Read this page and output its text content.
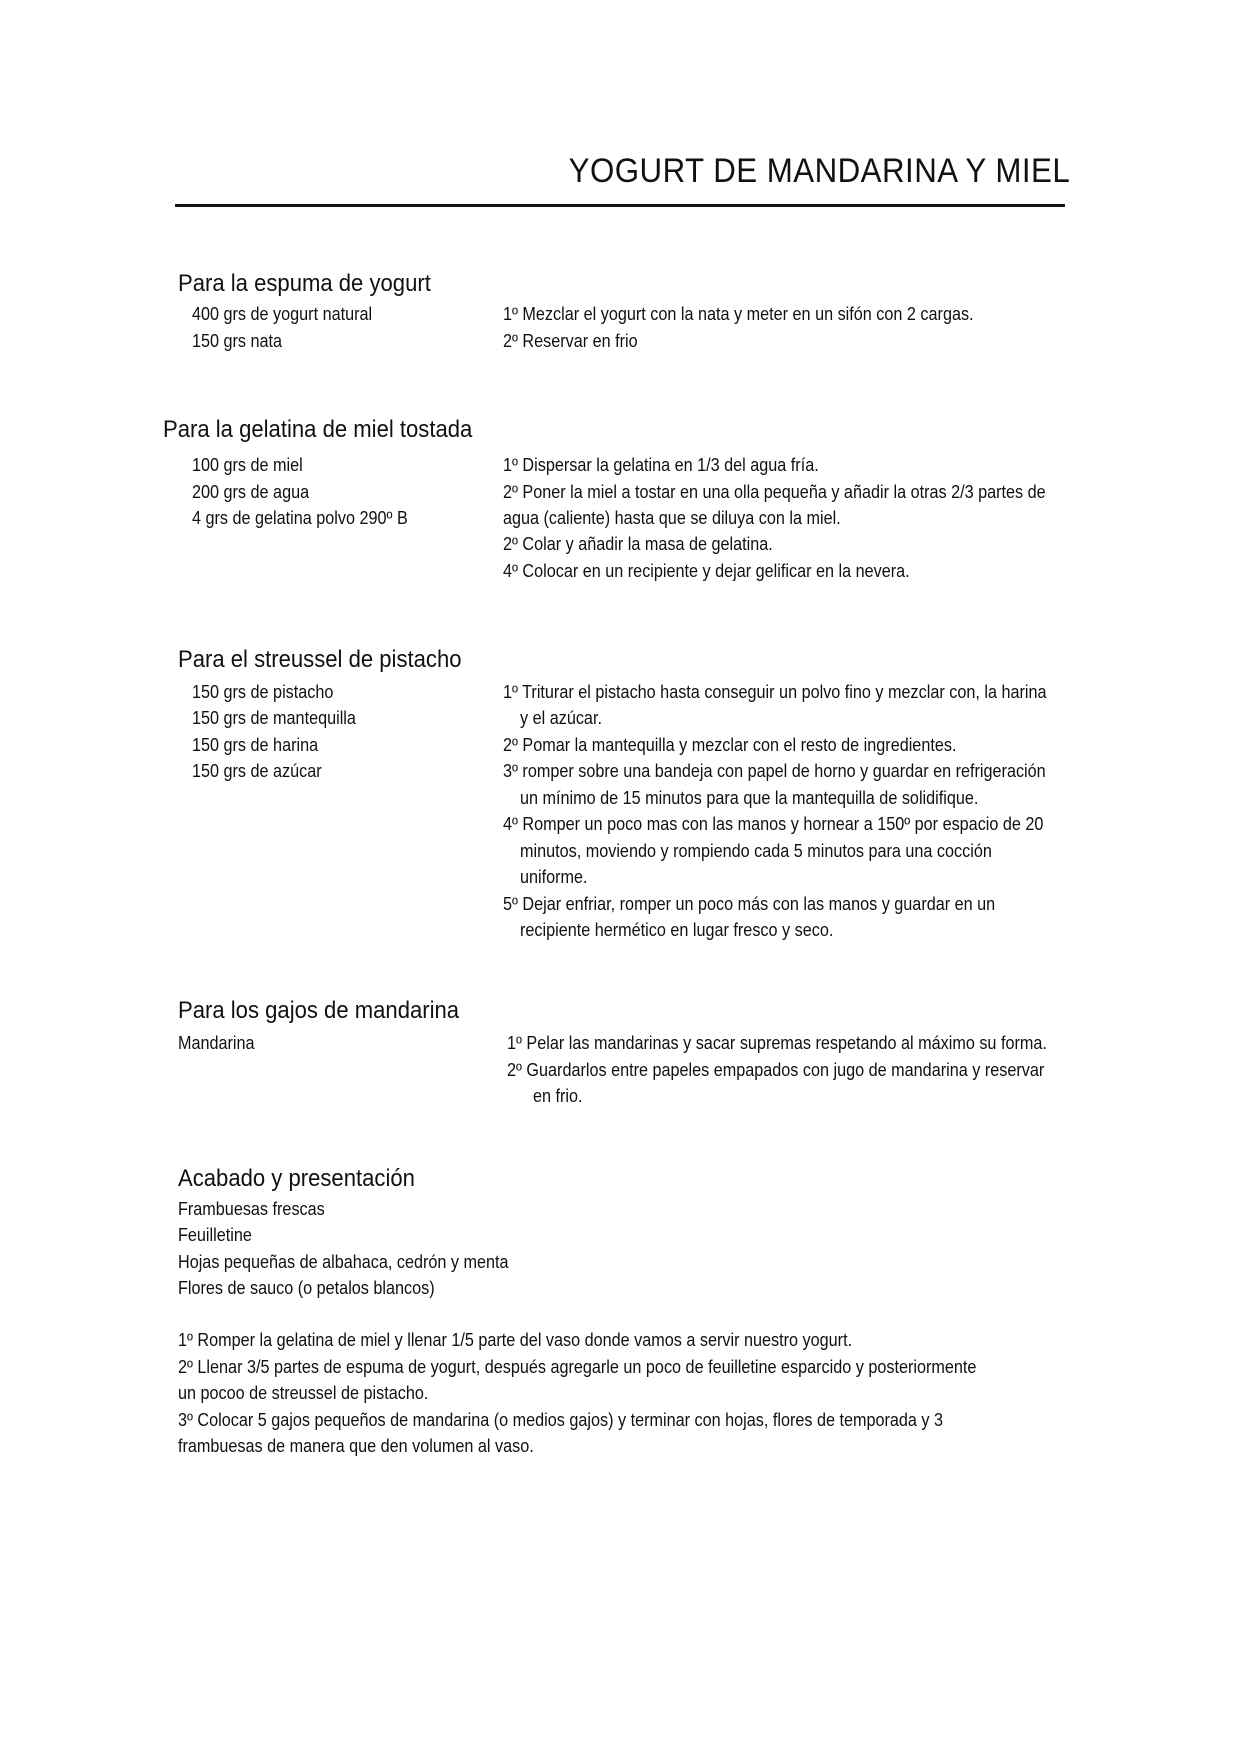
YOGURT DE MANDARINA Y MIEL
Para la espuma de yogurt
400 grs de yogurt natural
150 grs nata
1º Mezclar el yogurt con la nata y meter en un sifón con 2 cargas.
2º Reservar en frio
Para la gelatina de miel tostada
100 grs de miel
200 grs de agua
4 grs de gelatina polvo 290º B
1º Dispersar la gelatina en 1/3 del agua fría.
2º Poner la miel a tostar en una olla pequeña y añadir la otras 2/3 partes de
agua (caliente) hasta que se diluya con la miel.
2º Colar y añadir la masa de gelatina.
4º Colocar en un recipiente y dejar gelificar en la nevera.
Para el streussel de pistacho
150 grs de pistacho
150 grs de mantequilla
150 grs de harina
150 grs de azúcar
1º Triturar el pistacho hasta conseguir un polvo fino y mezclar con, la harina
y el azúcar.
2º Pomar la mantequilla y mezclar con el resto de ingredientes.
3º romper sobre una bandeja con papel de horno y guardar en refrigeración
un mínimo de 15 minutos para que la mantequilla de solidifique.
4º Romper un poco mas con las manos y hornear a 150º por espacio de 20
minutos, moviendo y rompiendo cada 5 minutos para una cocción
uniforme.
5º Dejar enfriar, romper un poco más con las manos y guardar en un
recipiente hermético en lugar fresco y seco.
Para los gajos de mandarina
Mandarina	1º Pelar las mandarinas y sacar supremas respetando al máximo su forma.
2º Guardarlos entre papeles empapados con jugo de mandarina y reservar
en frio.
Acabado y presentación
Frambuesas frescas
Feuilletine
Hojas pequeñas de albahaca, cedrón y menta
Flores de sauco (o petalos blancos)
1º Romper la gelatina de miel y llenar 1/5 parte del vaso donde vamos a servir nuestro yogurt.
2º Llenar 3/5 partes de espuma de yogurt, después agregarle un poco de feuilletine esparcido y posteriormente
un pocoo de streussel de pistacho.
3º Colocar 5 gajos pequeños de mandarina (o medios gajos) y terminar con hojas, flores de temporada y 3
frambuesas de manera que den volumen al vaso.
